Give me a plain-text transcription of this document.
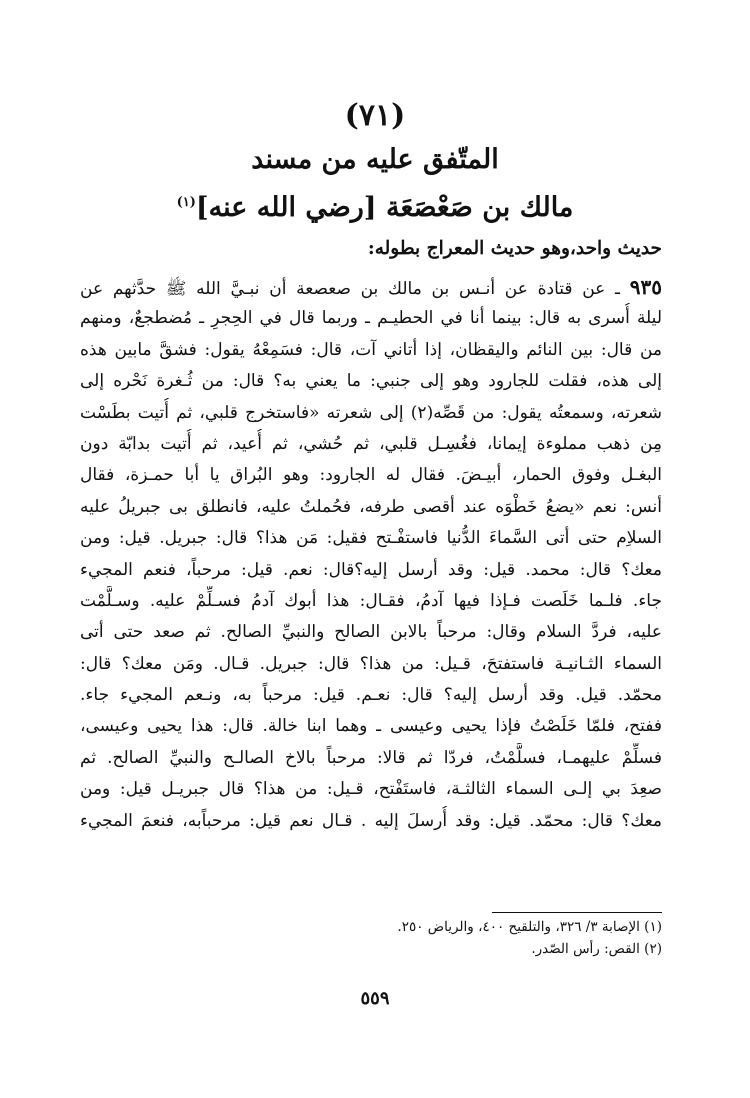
(٧١)
المتّفق عليه من مسند
مالك بن صَعْصَعَة [رضي الله عنه]$^{(١)}$
حديث واحد،وهو حديث المعراج بطوله:
٩٣٥ ـ عن قتادة عن أنـس بن مالك بن صعصعة أن نبـيَّ الله ﷺ حدَّثهم عن
ليلة أُسرى به قال: بينما أنا في الحطيـم ـ وربما قال في الحِجرِ ـ مُضطجعٌ، ومنهم
من قال: بين النائم واليقظان، إذا أتاني آت، قال: فسَمِعْهُ يقول: فشقَّ مابين هذه
إلى هذه، فقلت للجارود وهو إلى جنبي: ما يعني به؟ قال: من ثُـغرة نَحْره إلى
شعرته، وسمعتُه يقول: من قَصِّه(٢) إلى شعرته «فاستخرج قلبي، ثم أُتيت بطَسْت
مِن ذهب مملوءة إيمانا، فغُسِـل قلبي، ثم حُشي، ثم أُعيد، ثم أُتيت بدابّة دون
البغـل وفوق الحمار، أبيـضَ. فقال له الجارود: وهو البُراق يا أبا حمـزة، فقال
أنس: نعم «يضعُ خَطْوَه عند أقصى طرفه، فحُملتُ عليه، فانطلق بى جبريلُ عليه
السلاِم حتى أتى السَّماءَ الدُّنيا فاستفْـتح فقيل: مَن هذا؟ قال: جبريل. قيل: ومن
معك؟ قال: محمد. قيل: وقد أرسل إليه؟قال: نعم. قيل: مرحباً، فنعم المجيء
جاء. فلـما خَلَصت فـإذا فيها آدمُ، فقـال: هذا أبوك آدمُ فسـلِّمْ عليه. وسـلَّمْت
عليه، فردَّ السلام وقال: مرحباً بالابن الصالح والنبيِّ الصالح. ثم صعد حتى أتى
السماء الثـانيـة فاستفتحَ، قـيل: من هذا؟ قال: جبريل. قـال. ومَن معك؟ قال:
محمّد. قيل. وقد أرسل إليه؟ قال: نعـم. قيل: مرحباً به، ونـعم المجيء جاء.
ففتح، فلمّا خَلَصْتُ فإذا يحيى وعيسى ـ وهما ابنا خالة. قال: هذا يحيى وعيسى،
فسلِّمْ عليهمـا، فسلَّمْتُ، فردّا ثم قالا: مرحباً بالاخ الصالـح والنبيِّ الصالح. ثم
صعِدَ بي إلـى السماء الثالثـة، فاستَفْتح، قـيل: من هذا؟ قال جبريـل قيل: ومن
معك؟ قال: محمّد. قيل: وقد أُرسلَ إليه . قـال نعم قيل: مرحباًبه، فنعمَ المجيء
(١) الإصابة ٣/ ٣٢٦، والتلقيح ٤٠٠، والرياض ٢٥٠.
(٢) القص: رأس الصّدر.
٥٥٩
